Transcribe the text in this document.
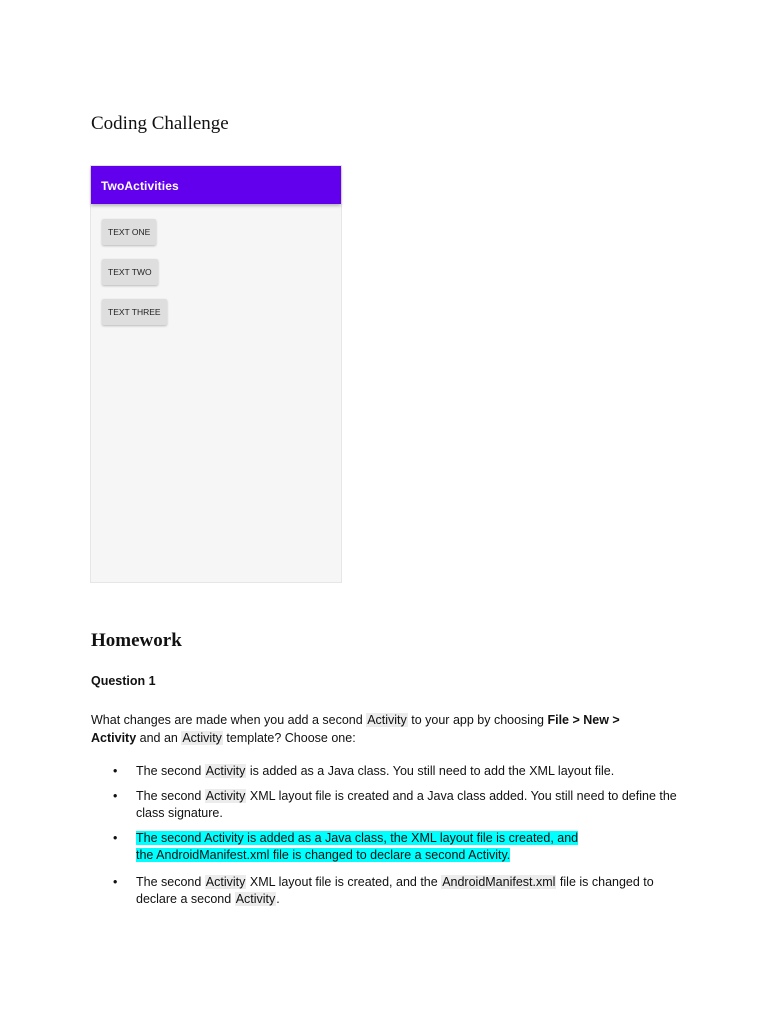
Coding Challenge
TwoActivities
TEXT ONE
TEXT TWO
TEXT THREE
Homework
Question 1
What changes are made when you add a second Activity to your app by choosing File > New >
Activity and an Activity template? Choose one:
• The second Activity is added as a Java class. You still need to add the XML layout file.
• The second Activity XML layout file is created and a Java class added. You still need to define the class signature.
• The second Activity is added as a Java class, the XML layout file is created, and
the AndroidManifest.xml file is changed to declare a second Activity.
• The second Activity XML layout file is created, and the AndroidManifest.xml file is changed to declare a second Activity.
